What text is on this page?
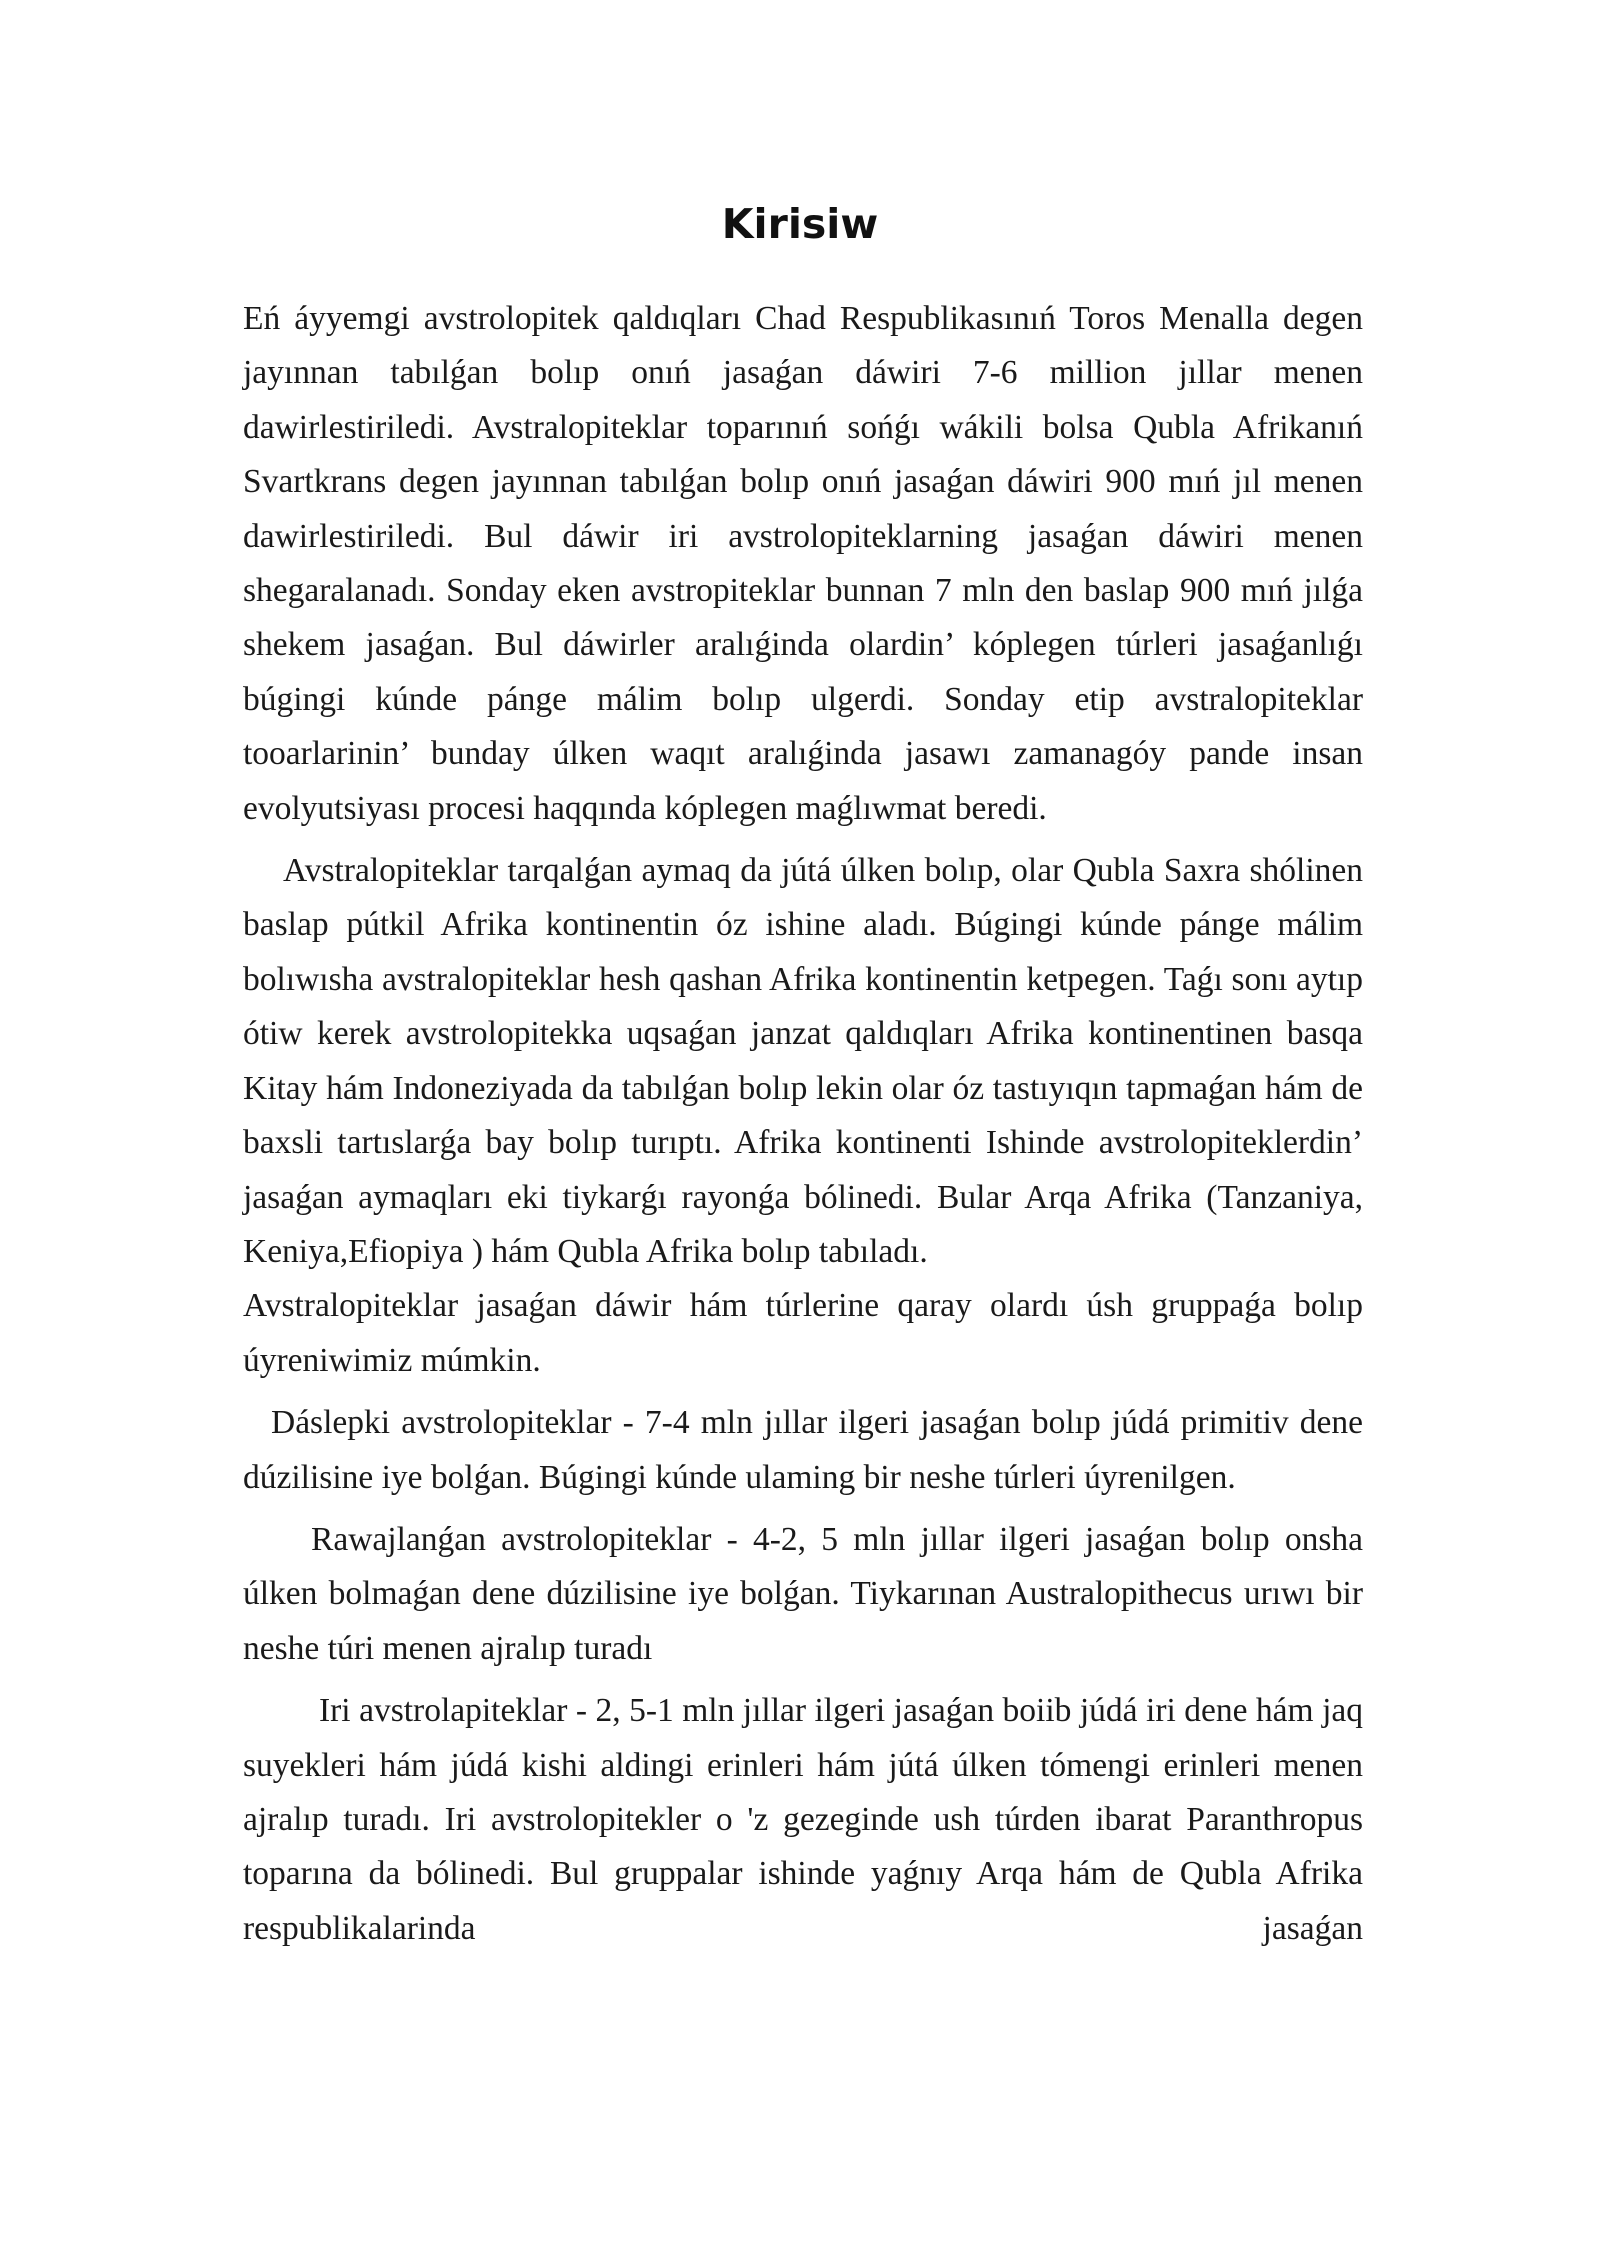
Kirisiw

Eń áyyemgi avstrolopitek qaldıqları Chad Respublikasınıń Toros Menalla degen jayınnan tabılǵan bolıp onıń jasaǵan dáwiri 7-6 million jıllar menen dawirlestiriledi. Avstralopiteklar toparınıń sońǵı wákili bolsa Qubla Afrikanıń Svartkrans degen jayınnan tabılǵan bolıp onıń jasaǵan dáwiri 900 mıń jıl menen dawirlestiriledi. Bul dáwir iri avstrolopiteklarning jasaǵan dáwiri menen shegaralanadı. Sonday eken avstropiteklar bunnan 7 mln den baslap 900 mıń jılǵa shekem jasaǵan. Bul dáwirler aralıǵinda olardin’ kóplegen túrleri jasaǵanlıǵı búgingi kúnde pánge málim bolıp ulgerdi. Sonday etip avstralopiteklar tooarlarinin’ bunday úlken waqıt aralıǵinda jasawı zamanagóy pande insan evolyutsiyası procesi haqqında kóplegen maǵlıwmat beredi.

Avstralopiteklar tarqalǵan aymaq da jútá úlken bolıp, olar Qubla Saxra shólinen baslap pútkil Afrika kontinentin óz ishine aladı. Búgingi kúnde pánge málim bolıwısha avstralopiteklar hesh qashan Afrika kontinentin ketpegen. Taǵı sonı aytıp ótiw kerek avstrolopitekka uqsaǵan janzat qaldıqları Afrika kontinentinen basqa Kitay hám Indoneziyada da tabılǵan bolıp lekin olar óz tastıyıqın tapmaǵan hám de baxsli tartıslarǵa bay bolıp turıptı. Afrika kontinenti Ishinde avstrolopiteklerdin’ jasaǵan aymaqları eki tiykarǵı rayonǵa bólinedi. Bular Arqa Afrika (Tanzaniya, Keniya,Efiopiya ) hám Qubla Afrika bolıp tabıladı.

Avstralopiteklar jasaǵan dáwir hám túrlerine qaray olardı úsh gruppaǵa bolıp úyreniwimiz múmkin.

Dáslepki avstrolopiteklar - 7-4 mln jıllar ilgeri jasaǵan bolıp júdá primitiv dene dúzilisine iye bolǵan. Búgingi kúnde ulaming bir neshe túrleri úyrenilgen.

Rawajlanǵan avstrolopiteklar - 4-2, 5 mln jıllar ilgeri jasaǵan bolıp onsha úlken bolmaǵan dene dúzilisine iye bolǵan. Tiykarınan Australopithecus urıwı bir neshe túri menen ajralıp turadı

Iri avstrolapiteklar - 2, 5-1 mln jıllar ilgeri jasaǵan boiib júdá iri dene hám jaq suyekleri hám júdá kishi aldingi erinleri hám jútá úlken tómengi erinleri menen ajralıp turadı. Iri avstrolopitekler o 'z gezeginde ush túrden ibarat Paranthropus toparına da bólinedi. Bul gruppalar ishinde yaǵnıy Arqa hám de Qubla Afrika respublikalarinda jasaǵan
